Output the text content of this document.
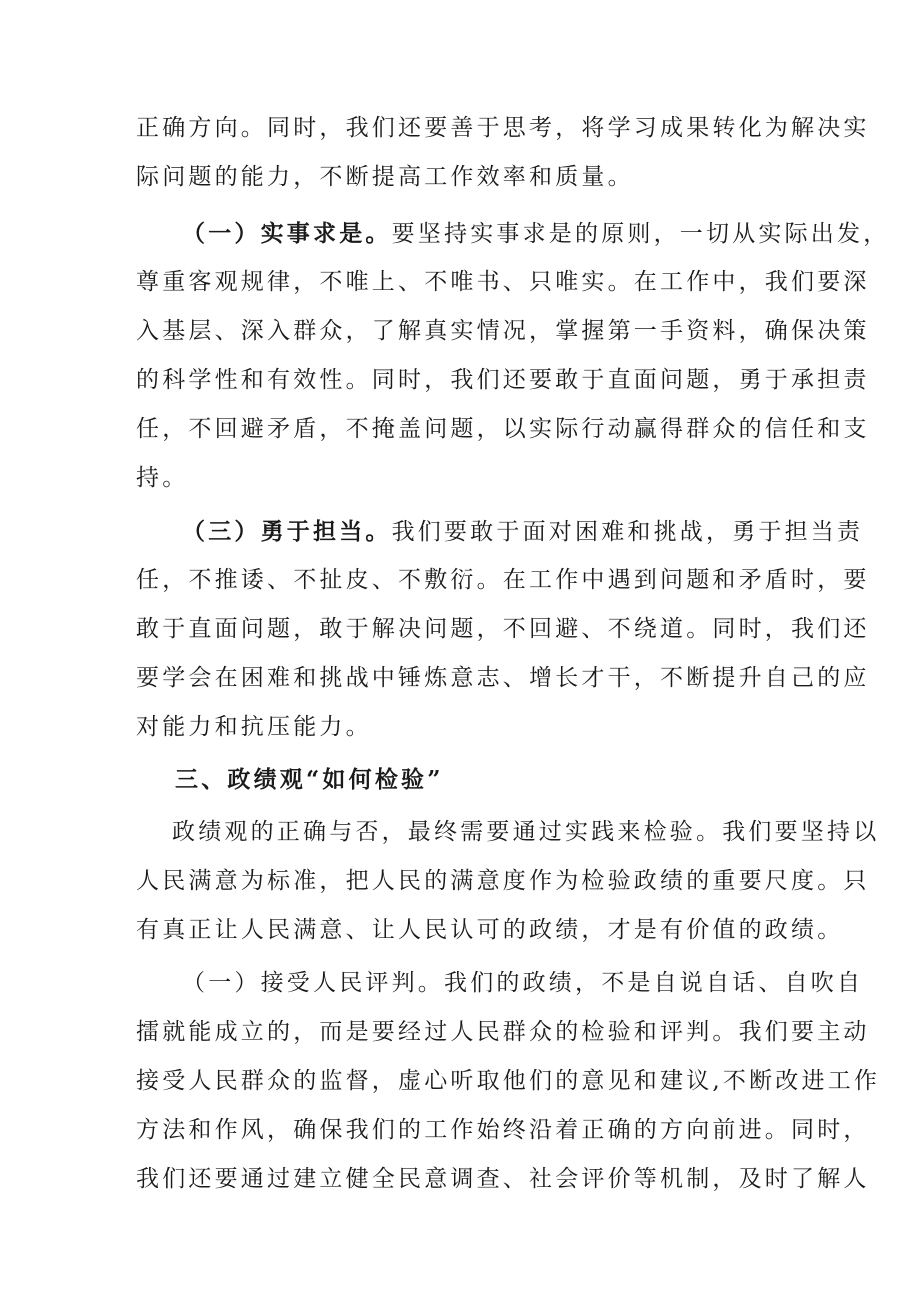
正确方向。同时，我们还要善于思考，将学习成果转化为解决实
际问题的能力，不断提高工作效率和质量。
（一）实事求是。要坚持实事求是的原则，一切从实际出发，
尊重客观规律，不唯上、不唯书、只唯实。在工作中，我们要深
入基层、深入群众，了解真实情况，掌握第一手资料，确保决策
的科学性和有效性。同时，我们还要敢于直面问题，勇于承担责
任，不回避矛盾，不掩盖问题，以实际行动赢得群众的信任和支
持。
（三）勇于担当。我们要敢于面对困难和挑战，勇于担当责
任，不推诿、不扯皮、不敷衍。在工作中遇到问题和矛盾时，要
敢于直面问题，敢于解决问题，不回避、不绕道。同时，我们还
要学会在困难和挑战中锤炼意志、增长才干，不断提升自己的应
对能力和抗压能力。
三、政绩观“如何检验”
政绩观的正确与否，最终需要通过实践来检验。我们要坚持以
人民满意为标准，把人民的满意度作为检验政绩的重要尺度。只
有真正让人民满意、让人民认可的政绩，才是有价值的政绩。
（一）接受人民评判。我们的政绩，不是自说自话、自吹自
擂就能成立的，而是要经过人民群众的检验和评判。我们要主动
接受人民群众的监督，虚心听取他们的意见和建议,不断改进工作
方法和作风，确保我们的工作始终沿着正确的方向前进。同时，
我们还要通过建立健全民意调查、社会评价等机制，及时了解人
